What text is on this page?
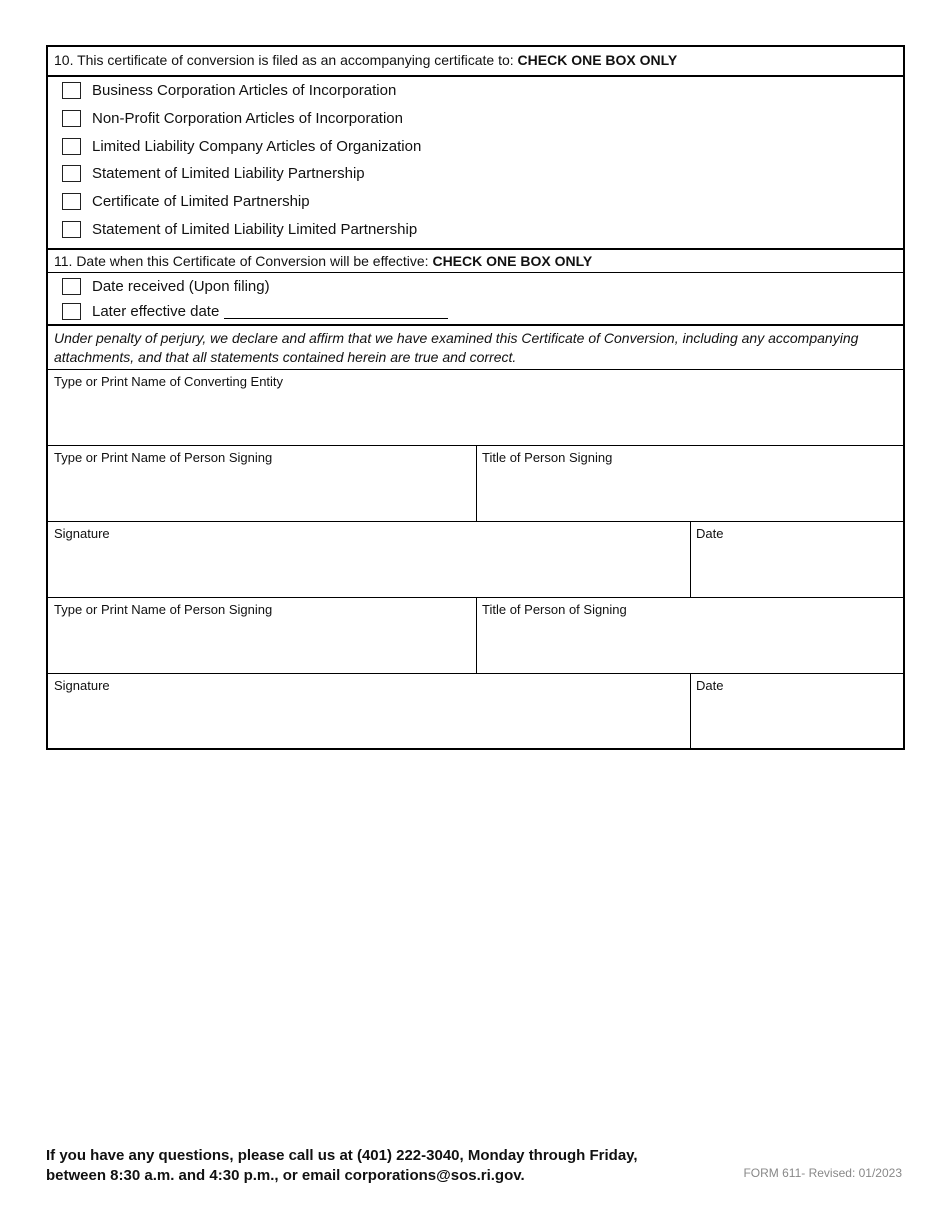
10. This certificate of conversion is filed as an accompanying certificate to: CHECK ONE BOX ONLY
Business Corporation Articles of Incorporation
Non-Profit Corporation Articles of Incorporation
Limited Liability Company Articles of Organization
Statement of Limited Liability Partnership
Certificate of Limited Partnership
Statement of Limited Liability Limited Partnership
11. Date when this Certificate of Conversion will be effective: CHECK ONE BOX ONLY
Date received (Upon filing)
Later effective date
Under penalty of perjury, we declare and affirm that we have examined this Certificate of Conversion, including any accompanying attachments, and that all statements contained herein are true and correct.
Type or Print Name of Converting Entity
Type or Print Name of Person Signing	Title of Person Signing
Signature	Date
Type or Print Name of Person Signing	Title of Person of Signing
Signature	Date
If you have any questions, please call us at (401) 222-3040, Monday through Friday,
between 8:30 a.m. and 4:30 p.m., or email corporations@sos.ri.gov.	FORM 611- Revised: 01/2023
